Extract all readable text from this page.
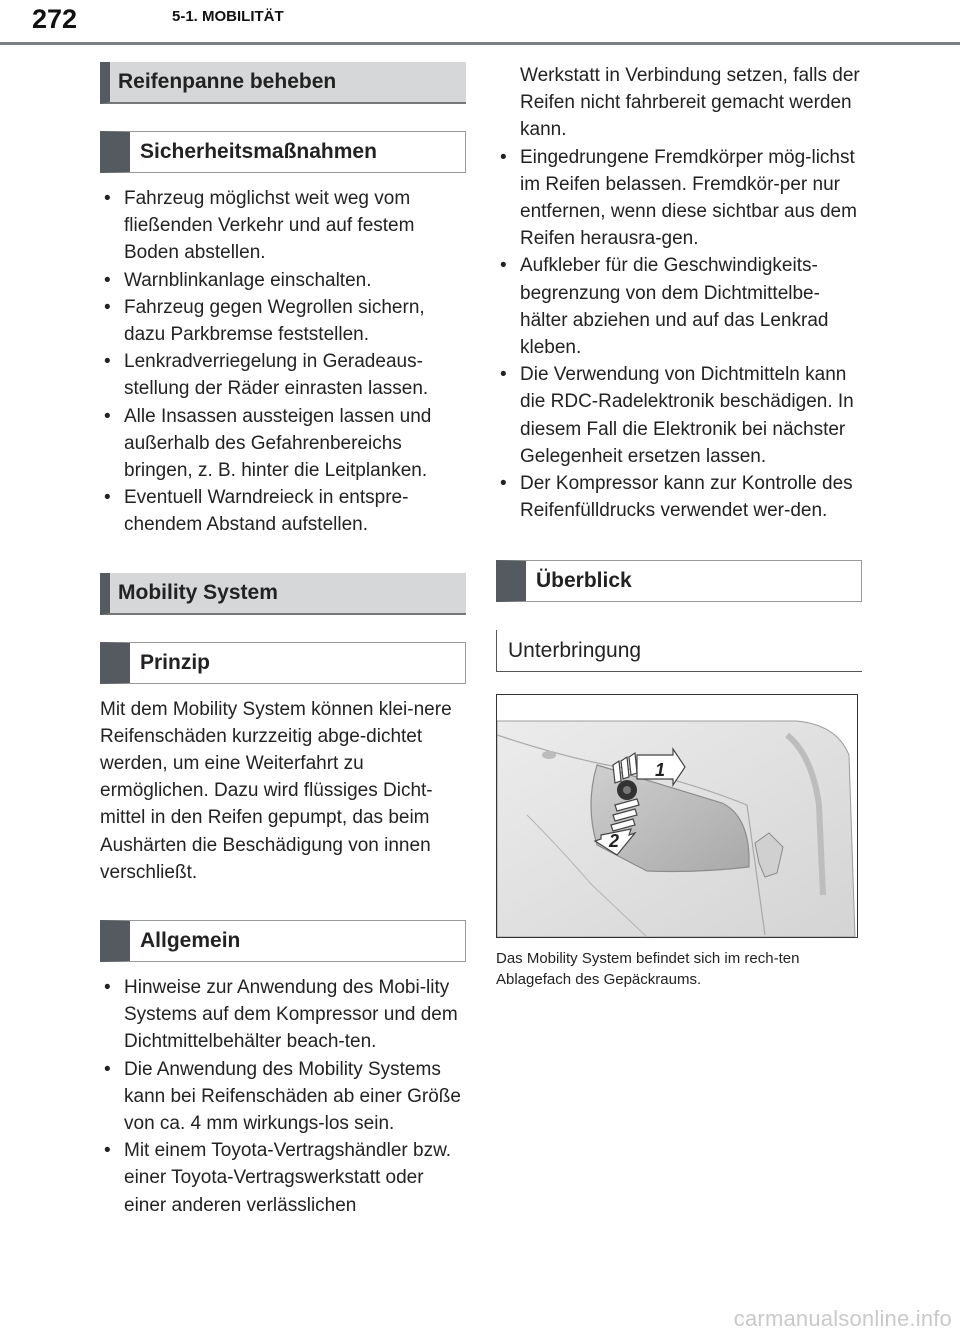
272	5-1. MOBILITÄT
Reifenpanne beheben
Sicherheitsmaßnahmen
• Fahrzeug möglichst weit weg vom fließenden Verkehr und auf festem Boden abstellen.
• Warnblinkanlage einschalten.
• Fahrzeug gegen Wegrollen sichern, dazu Parkbremse feststellen.
• Lenkradverriegelung in Geradeaus-stellung der Räder einrasten lassen.
• Alle Insassen aussteigen lassen und außerhalb des Gefahrenbereichs bringen, z. B. hinter die Leitplanken.
• Eventuell Warndreieck in entspre-chendem Abstand aufstellen.
Mobility System
Prinzip

Mit dem Mobility System können klei-nere Reifenschäden kurzzeitig abge-dichtet werden, um eine Weiterfahrt zu ermöglichen. Dazu wird flüssiges Dicht-mittel in den Reifen gepumpt, das beim Aushärten die Beschädigung von innen verschließt.

Allgemein
• Hinweise zur Anwendung des Mobi-lity Systems auf dem Kompressor und dem Dichtmittelbehälter beach-ten.
• Die Anwendung des Mobility Systems kann bei Reifenschäden ab einer Größe von ca. 4 mm wirkungs-los sein.
• Mit einem Toyota-Vertragshändler bzw. einer Toyota-Vertragswerkstatt oder einer anderen verlässlichen
Werkstatt in Verbindung setzen, falls der Reifen nicht fahrbereit gemacht werden kann.
• Eingedrungene Fremdkörper mög-lichst im Reifen belassen. Fremdkör-per nur entfernen, wenn diese sichtbar aus dem Reifen herausra-gen.
• Aufkleber für die Geschwindigkeits-begrenzung von dem Dichtmittelbe-hälter abziehen und auf das Lenkrad kleben.
• Die Verwendung von Dichtmitteln kann die RDC-Radelektronik beschädigen. In diesem Fall die Elektronik bei nächster Gelegenheit ersetzen lassen.
• Der Kompressor kann zur Kontrolle des Reifenfülldrucks verwendet wer-den.
Überblick
Unterbringung
1
2
Das Mobility System befindet sich im rech-ten Ablagefach des Gepäckraums.
carmanualsonline.info
